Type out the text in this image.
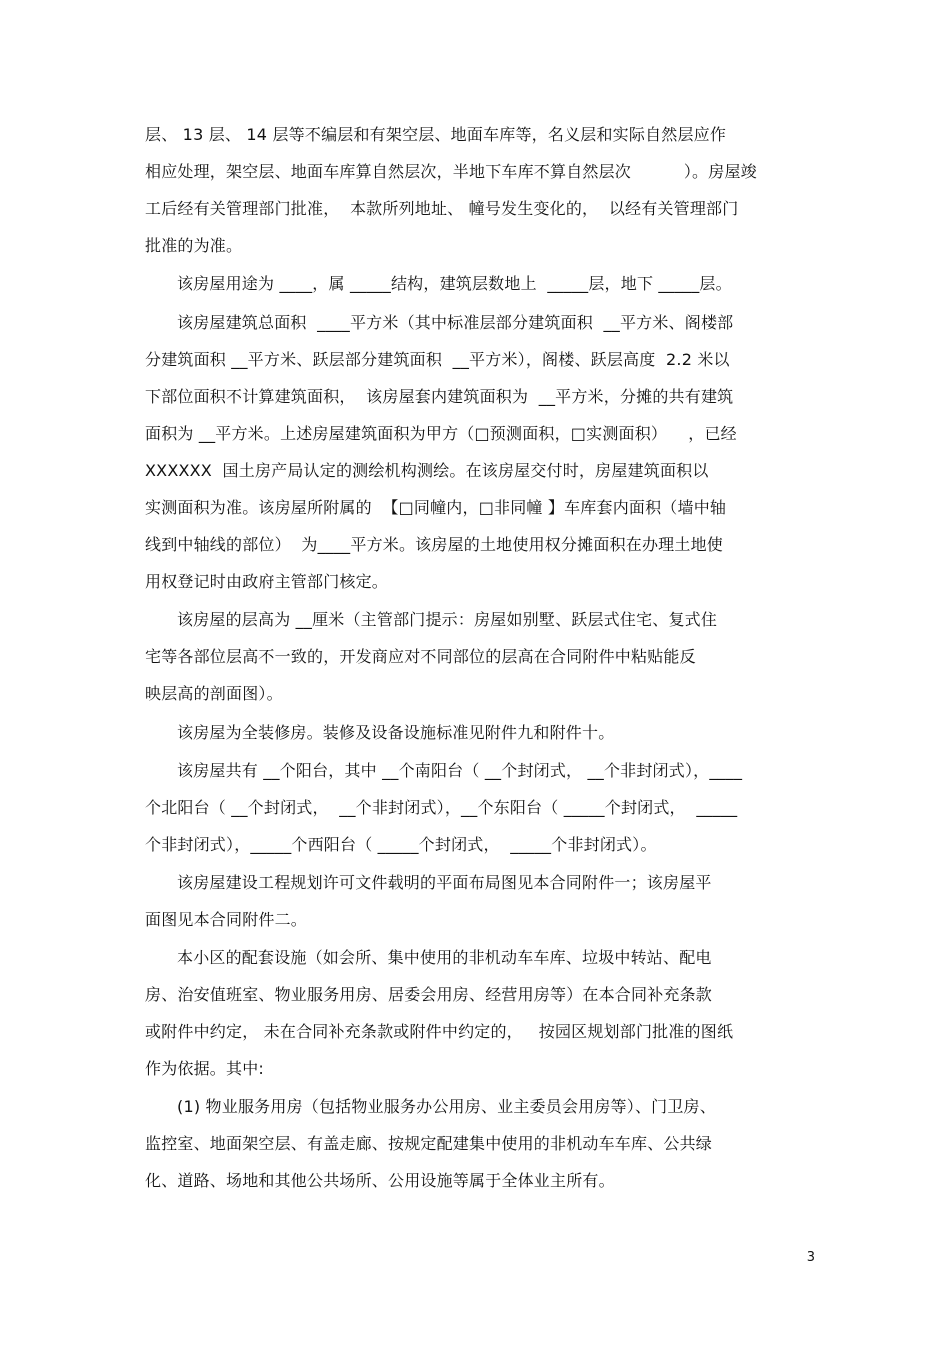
层、 13 层、 14 层等不编层和有架空层、地面车库等，名义层和实际自然层应作
相应处理，架空层、地面车库算自然层次，半地下车库不算自然层次          ）。房屋竣
工后经有关管理部门批准，  本款所列地址、 幢号发生变化的，  以经有关管理部门
批准的为准。
该房屋用途为 ____，属 _____结构，建筑层数地上  _____层，地下 _____层。
该房屋建筑总面积  ____平方米（其中标准层部分建筑面积  __平方米、阁楼部
分建筑面积 __平方米、跃层部分建筑面积  __平方米），阁楼、跃层高度  2.2 米以
下部位面积不计算建筑面积，  该房屋套内建筑面积为  __平方米，分摊的共有建筑
面积为 __平方米。上述房屋建筑面积为甲方（□预测面积，□实测面积）    ，已经
XXXXXX  国土房产局认定的测绘机构测绘。在该房屋交付时，房屋建筑面积以
实测面积为准。该房屋所附属的  【□同幢内，□非同幢 】车库套内面积（墙中轴
线到中轴线的部位）  为____平方米。该房屋的土地使用权分摊面积在办理土地使
用权登记时由政府主管部门核定。
该房屋的层高为 __厘米（主管部门提示：房屋如别墅、跃层式住宅、复式住
宅等各部位层高不一致的，开发商应对不同部位的层高在合同附件中粘贴能反
映层高的剖面图）。
该房屋为全装修房。装修及设备设施标准见附件九和附件十。
该房屋共有 __个阳台，其中 __个南阳台（ __个封闭式， __个非封闭式），____
个北阳台（ __个封闭式，  __个非封闭式），__个东阳台（ _____个封闭式，  _____
个非封闭式），_____个西阳台（ _____个封闭式，  _____个非封闭式）。
该房屋建设工程规划许可文件载明的平面布局图见本合同附件一；该房屋平
面图见本合同附件二。
本小区的配套设施（如会所、集中使用的非机动车车库、垃圾中转站、配电
房、治安值班室、物业服务用房、居委会用房、经营用房等）在本合同补充条款
或附件中约定， 未在合同补充条款或附件中约定的，   按园区规划部门批准的图纸
作为依据。其中:
(1) 物业服务用房（包括物业服务办公用房、业主委员会用房等）、门卫房、
监控室、地面架空层、有盖走廊、按规定配建集中使用的非机动车车库、公共绿
化、道路、场地和其他公共场所、公用设施等属于全体业主所有。
3
